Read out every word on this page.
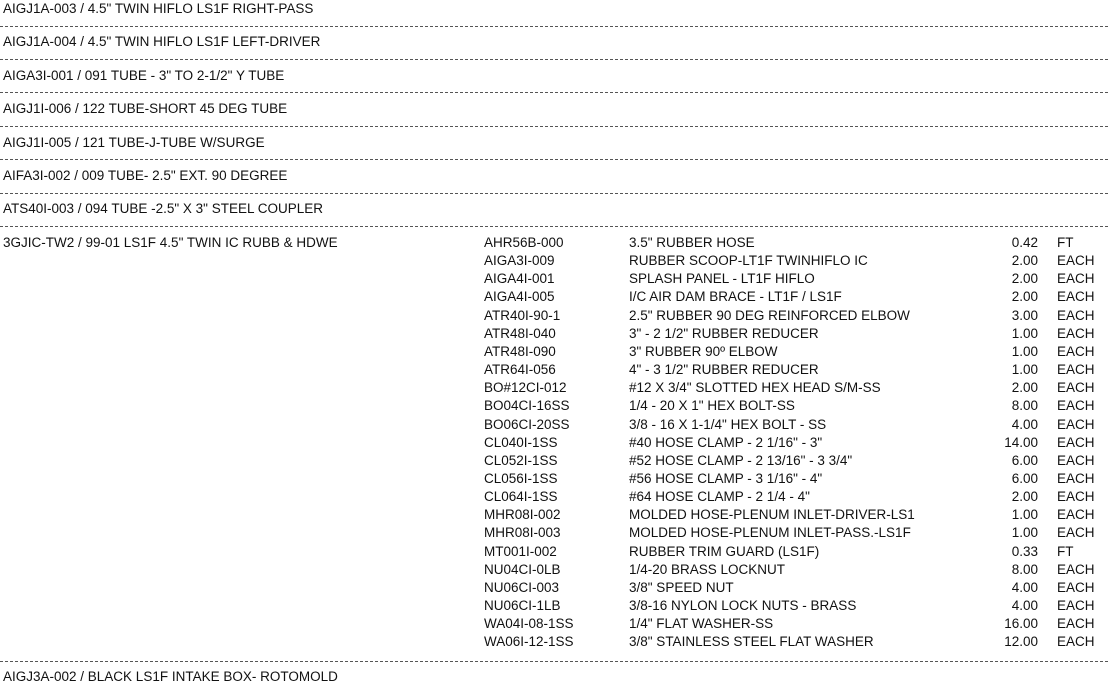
AIGJ1A-003 / 4.5" TWIN HIFLO LS1F RIGHT-PASS
AIGJ1A-004 / 4.5" TWIN HIFLO LS1F LEFT-DRIVER
AIGA3I-001 / 091 TUBE - 3" TO 2-1/2" Y TUBE
AIGJ1I-006 / 122 TUBE-SHORT 45 DEG TUBE
AIGJ1I-005 / 121 TUBE-J-TUBE W/SURGE
AIFA3I-002 / 009 TUBE- 2.5" EXT. 90 DEGREE
ATS40I-003 / 094 TUBE -2.5" X 3" STEEL COUPLER
3GJIC-TW2 / 99-01 LS1F 4.5" TWIN IC RUBB & HDWE	AHR56B-000	3.5" RUBBER HOSE	0.42 FT
AIGA3I-009	RUBBER SCOOP-LT1F TWINHIFLO IC	2.00 EACH
AIGA4I-001	SPLASH PANEL - LT1F HIFLO	2.00 EACH
AIGA4I-005	I/C AIR DAM BRACE - LT1F / LS1F	2.00 EACH
ATR40I-90-1	2.5" RUBBER 90 DEG REINFORCED ELBOW	3.00 EACH
ATR48I-040	3" - 2 1/2" RUBBER REDUCER	1.00 EACH
ATR48I-090	3" RUBBER 90º ELBOW	1.00 EACH
ATR64I-056	4" - 3 1/2" RUBBER REDUCER	1.00 EACH
BO#12CI-012	#12 X 3/4" SLOTTED HEX HEAD S/M-SS	2.00 EACH
BO04CI-16SS	1/4 - 20 X 1" HEX BOLT-SS	8.00 EACH
BO06CI-20SS	3/8 - 16 X 1-1/4" HEX BOLT - SS	4.00 EACH
CL040I-1SS	#40 HOSE CLAMP - 2 1/16" - 3"	14.00 EACH
CL052I-1SS	#52 HOSE CLAMP - 2 13/16" - 3 3/4"	6.00 EACH
CL056I-1SS	#56 HOSE CLAMP - 3 1/16" - 4"	6.00 EACH
CL064I-1SS	#64 HOSE CLAMP - 2 1/4 - 4"	2.00 EACH
MHR08I-002	MOLDED HOSE-PLENUM INLET-DRIVER-LS1	1.00 EACH
MHR08I-003	MOLDED HOSE-PLENUM INLET-PASS.-LS1F	1.00 EACH
MT001I-002	RUBBER TRIM GUARD (LS1F)	0.33 FT
NU04CI-0LB	1/4-20 BRASS LOCKNUT	8.00 EACH
NU06CI-003	3/8" SPEED NUT	4.00 EACH
NU06CI-1LB	3/8-16 NYLON LOCK NUTS - BRASS	4.00 EACH
WA04I-08-1SS	1/4" FLAT WASHER-SS	16.00 EACH
WA06I-12-1SS	3/8" STAINLESS STEEL FLAT WASHER	12.00 EACH
AIGJ3A-002 / BLACK LS1F INTAKE BOX- ROTOMOLD
